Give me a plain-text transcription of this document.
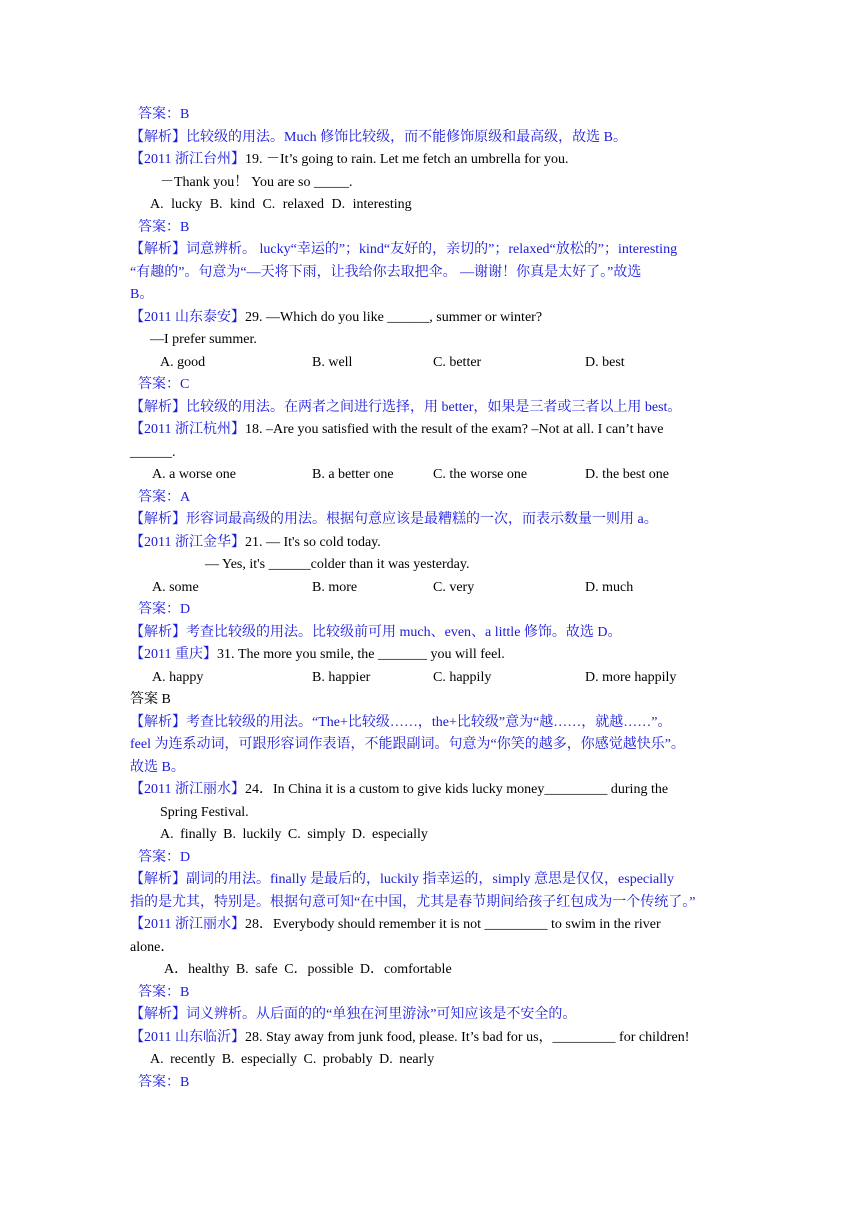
答案：B
【解析】比较级的用法。Much 修饰比较级，而不能修饰原级和最高级，故选 B。
【2011 浙江台州】19. －It’s going to rain. Let me fetch an umbrella for you.
－Thank you！ You are so _____.
A. lucky B. kind C. relaxed D. interesting
答案：B
【解析】词意辨析。 lucky“幸运的”；kind“友好的，亲切的”；relaxed“放松的”；interesting
“有趣的”。句意为“—天将下雨，让我给你去取把伞。 —谢谢！你真是太好了。”故选
B。
【2011 山东泰安】29. —Which do you like ______, summer or winter?
—I prefer summer.
A. good	B. well	C. better	D. best
答案：C
【解析】比较级的用法。在两者之间进行选择，用 better，如果是三者或三者以上用 best。
【2011 浙江杭州】18. –Are you satisfied with the result of the exam? –Not at all. I can’t have
______.
A. a worse one	B. a better one	C. the worse one	D. the best one
答案：A
【解析】形容词最高级的用法。根据句意应该是最糟糕的一次，而表示数量一则用 a。
【2011 浙江金华】21. — It's so cold today.
— Yes, it's ______colder than it was yesterday.
A. some	B. more	C. very	D. much
答案：D
【解析】考查比较级的用法。比较级前可用 much、even、a little 修饰。故选 D。
【2011 重庆】31. The more you smile, the _______ you will feel.
A. happy	B. happier	C. happily	D. more happily
答案 B
【解析】考查比较级的用法。“The+比较级……，the+比较级”意为“越……，就越……”。
feel 为连系动词，可跟形容词作表语，不能跟副词。句意为“你笑的越多，你感觉越快乐”。
故选 B。
【2011 浙江丽水】24．In China it is a custom to give kids lucky money_________ during the
Spring Festival.
A. finally B. luckily C. simply D. especially
答案：D
【解析】副词的用法。finally 是最后的，luckily 指幸运的，simply 意思是仅仅，especially
指的是尤其，特别是。根据句意可知“在中国，尤其是春节期间给孩子红包成为一个传统了。”
【2011 浙江丽水】28．Everybody should remember it is not _________ to swim in the river
alone．
A．healthy B. safe C．possible D．comfortable
答案：B
【解析】词义辨析。从后面的的“单独在河里游泳”可知应该是不安全的。
【2011 山东临沂】28. Stay away from junk food, please. It’s bad for us，_________ for children!
A. recently B. especially C. probably D. nearly
答案：B
